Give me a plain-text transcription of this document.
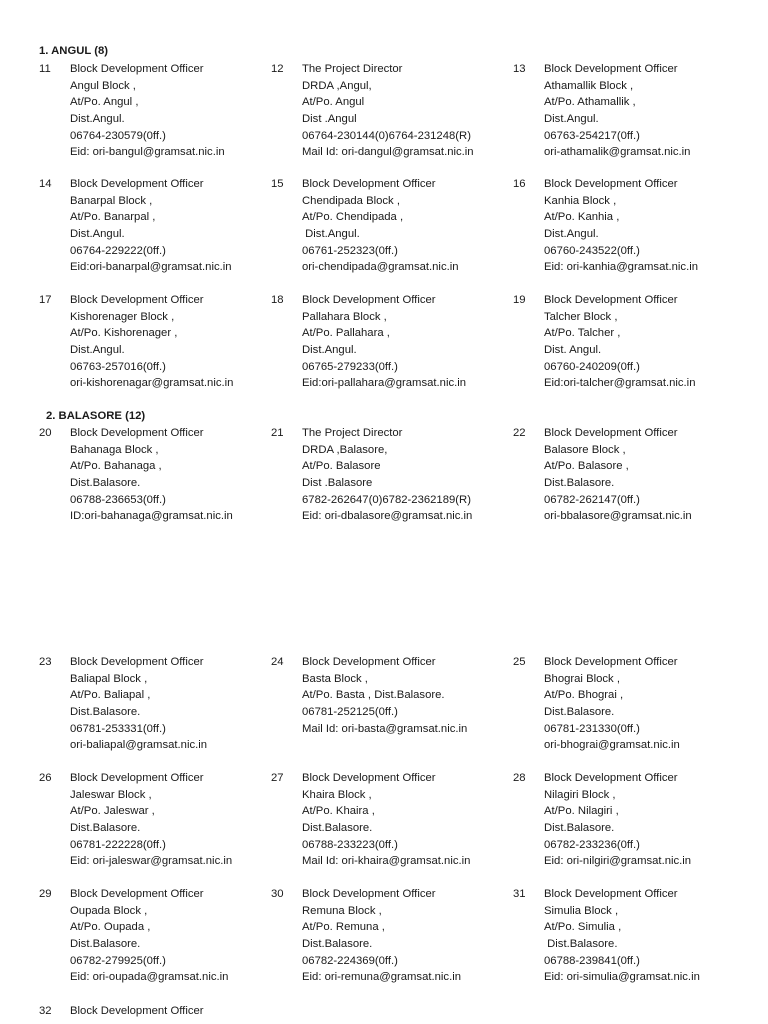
1. ANGUL (8)
11	Block Development Officer
Angul Block ,
At/Po. Angul ,
Dist.Angul.
06764-230579(0ff.)
Eid: ori-bangul@gramsat.nic.in
12	The Project Director
DRDA ,Angul,
At/Po. Angul
Dist .Angul
06764-230144(0)6764-231248(R)
Mail Id: ori-dangul@gramsat.nic.in
13	Block Development Officer
Athamallik Block ,
At/Po. Athamallik ,
Dist.Angul.
06763-254217(0ff.)
ori-athamalik@gramsat.nic.in
14	Block Development Officer
Banarpal Block ,
At/Po. Banarpal ,
Dist.Angul.
06764-229222(0ff.)
Eid:ori-banarpal@gramsat.nic.in
15	Block Development Officer
Chendipada Block ,
At/Po. Chendipada ,
Dist.Angul.
06761-252323(0ff.)
ori-chendipada@gramsat.nic.in
16	Block Development Officer
Kanhia Block ,
At/Po. Kanhia ,
Dist.Angul.
06760-243522(0ff.)
Eid: ori-kanhia@gramsat.nic.in
17	Block Development Officer
Kishorenager Block ,
At/Po. Kishorenager ,
Dist.Angul.
06763-257016(0ff.)
ori-kishorenagar@gramsat.nic.in
18	Block Development Officer
Pallahara Block ,
At/Po. Pallahara ,
Dist.Angul.
06765-279233(0ff.)
Eid:ori-pallahara@gramsat.nic.in
19	Block Development Officer
Talcher Block ,
At/Po. Talcher ,
Dist. Angul.
06760-240209(0ff.)
Eid:ori-talcher@gramsat.nic.in
2. BALASORE (12)
20	Block Development Officer
Bahanaga Block ,
At/Po. Bahanaga ,
Dist.Balasore.
06788-236653(0ff.)
ID:ori-bahanaga@gramsat.nic.in
21	The Project Director
DRDA ,Balasore,
At/Po. Balasore
Dist .Balasore
6782-262647(0)6782-2362189(R)
Eid: ori-dbalasore@gramsat.nic.in
22	Block Development Officer
Balasore Block ,
At/Po. Balasore ,
Dist.Balasore.
06782-262147(0ff.)
ori-bbalasore@gramsat.nic.in
23	Block Development Officer
Baliapal Block ,
At/Po. Baliapal ,
Dist.Balasore.
06781-253331(0ff.)
ori-baliapal@gramsat.nic.in
24	Block Development Officer
Basta Block ,
At/Po. Basta , Dist.Balasore.
06781-252125(0ff.)
Mail Id: ori-basta@gramsat.nic.in
25	Block Development Officer
Bhograi Block ,
At/Po. Bhograi ,
Dist.Balasore.
06781-231330(0ff.)
ori-bhograi@gramsat.nic.in
26	Block Development Officer
Jaleswar Block ,
At/Po. Jaleswar ,
Dist.Balasore.
06781-222228(0ff.)
Eid: ori-jaleswar@gramsat.nic.in
27	Block Development Officer
Khaira Block ,
At/Po. Khaira ,
Dist.Balasore.
06788-233223(0ff.)
Mail Id: ori-khaira@gramsat.nic.in
28	Block Development Officer
Nilagiri Block ,
At/Po. Nilagiri ,
Dist.Balasore.
06782-233236(0ff.)
Eid: ori-nilgiri@gramsat.nic.in
29	Block Development Officer
Oupada Block ,
At/Po. Oupada ,
Dist.Balasore.
06782-279925(0ff.)
Eid: ori-oupada@gramsat.nic.in
30	Block Development Officer
Remuna Block ,
At/Po. Remuna ,
Dist.Balasore.
06782-224369(0ff.)
Eid: ori-remuna@gramsat.nic.in
31	Block Development Officer
Simulia Block ,
At/Po. Simulia ,
Dist.Balasore.
06788-239841(0ff.)
Eid: ori-simulia@gramsat.nic.in
32	Block Development Officer
